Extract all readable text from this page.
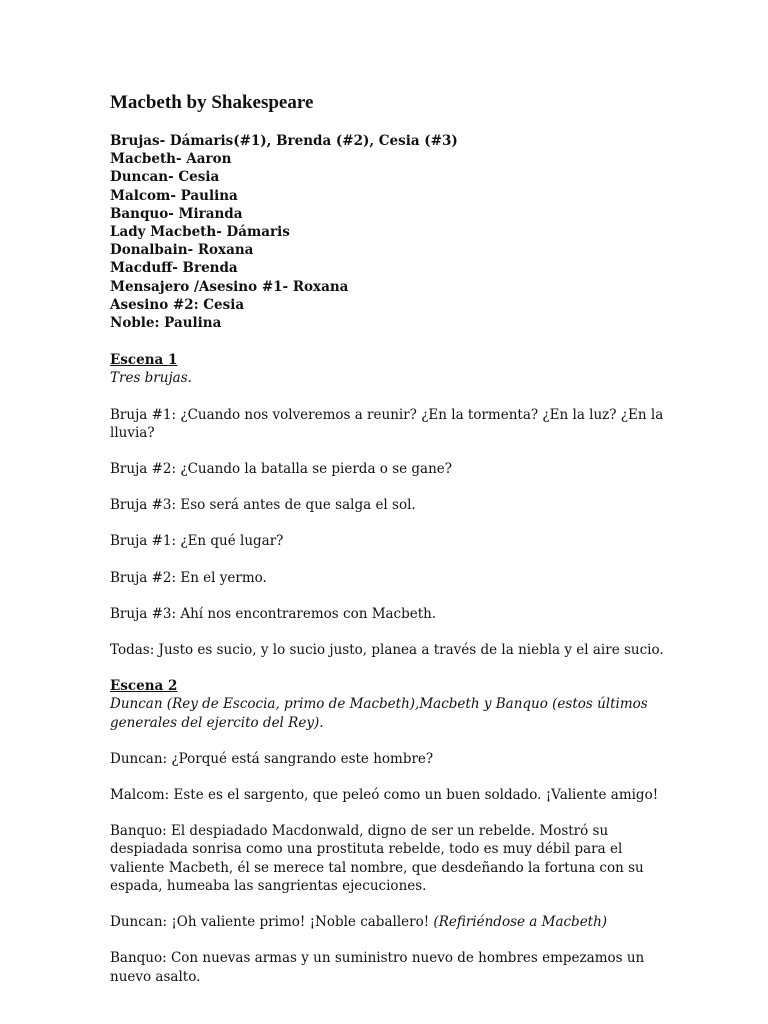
Macbeth by Shakespeare
Brujas- Dámaris(#1), Brenda (#2), Cesia (#3)
Macbeth- Aaron
Duncan- Cesia
Malcom- Paulina
Banquo- Miranda
Lady Macbeth- Dámaris
Donalbain- Roxana
Macduff- Brenda
Mensajero /Asesino #1- Roxana
Asesino #2: Cesia
Noble: Paulina
Escena 1
Tres brujas.
Bruja #1: ¿Cuando nos volveremos a reunir? ¿En la tormenta? ¿En la luz? ¿En la lluvia?
Bruja #2: ¿Cuando la batalla se pierda o se gane?
Bruja #3: Eso será antes de que salga el sol.
Bruja #1: ¿En qué lugar?
Bruja #2: En el yermo.
Bruja #3: Ahí nos encontraremos con Macbeth.
Todas: Justo es sucio, y lo sucio justo, planea a través de la niebla y el aire sucio.
Escena 2
Duncan (Rey de Escocia, primo de Macbeth),Macbeth y Banquo (estos últimos generales del ejercito del Rey).
Duncan: ¿Porqué está sangrando este hombre?
Malcom: Este es el sargento, que peleó como un buen soldado. ¡Valiente amigo!
Banquo: El despiadado Macdonwald, digno de ser un rebelde. Mostró su despiadada sonrisa como una prostituta rebelde, todo es muy débil para el valiente Macbeth, él se merece tal nombre, que desdeñando la fortuna con su espada, humeaba las sangrientas ejecuciones.
Duncan: ¡Oh valiente primo! ¡Noble caballero! (Refiriéndose a Macbeth)
Banquo: Con nuevas armas y un suministro nuevo de hombres empezamos un nuevo asalto.
